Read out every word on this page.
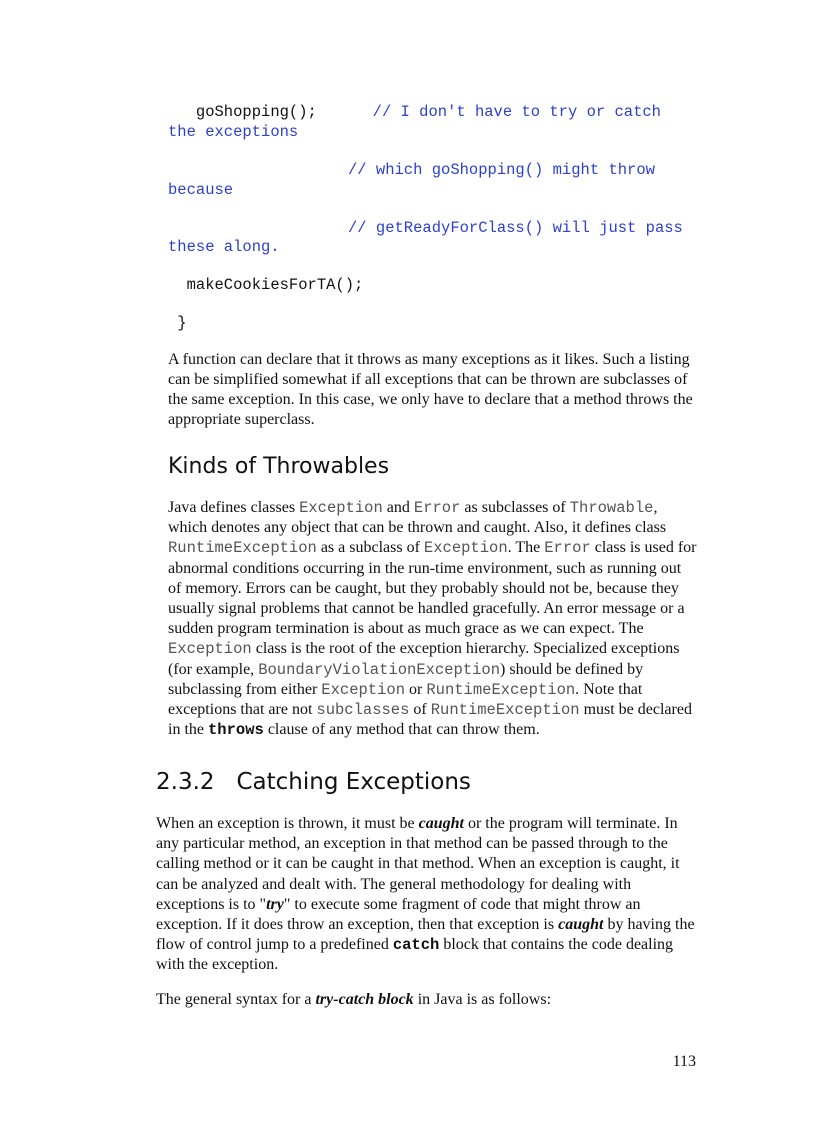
goShopping();      // I don't have to try or catch
the exceptions
// which goShopping() might throw
because
// getReadyForClass() will just pass
these along.
makeCookiesForTA();
}

A function can declare that it throws as many exceptions as it likes. Such a listing can be simplified somewhat if all exceptions that can be thrown are subclasses of the same exception. In this case, we only have to declare that a method throws the appropriate superclass.

Kinds of Throwables

Java defines classes Exception and Error as subclasses of Throwable, which denotes any object that can be thrown and caught. Also, it defines class RuntimeException as a subclass of Exception. The Error class is used for abnormal conditions occurring in the run-time environment, such as running out of memory. Errors can be caught, but they probably should not be, because they usually signal problems that cannot be handled gracefully. An error message or a sudden program termination is about as much grace as we can expect. The Exception class is the root of the exception hierarchy. Specialized exceptions (for example, BoundaryViolationException) should be defined by subclassing from either Exception or RuntimeException. Note that exceptions that are not subclasses of RuntimeException must be declared in the throws clause of any method that can throw them.

2.3.2   Catching Exceptions

When an exception is thrown, it must be caught or the program will terminate. In any particular method, an exception in that method can be passed through to the calling method or it can be caught in that method. When an exception is caught, it can be analyzed and dealt with. The general methodology for dealing with exceptions is to "try" to execute some fragment of code that might throw an exception. If it does throw an exception, then that exception is caught by having the flow of control jump to a predefined catch block that contains the code dealing with the exception.

The general syntax for a try-catch block in Java is as follows:

113
